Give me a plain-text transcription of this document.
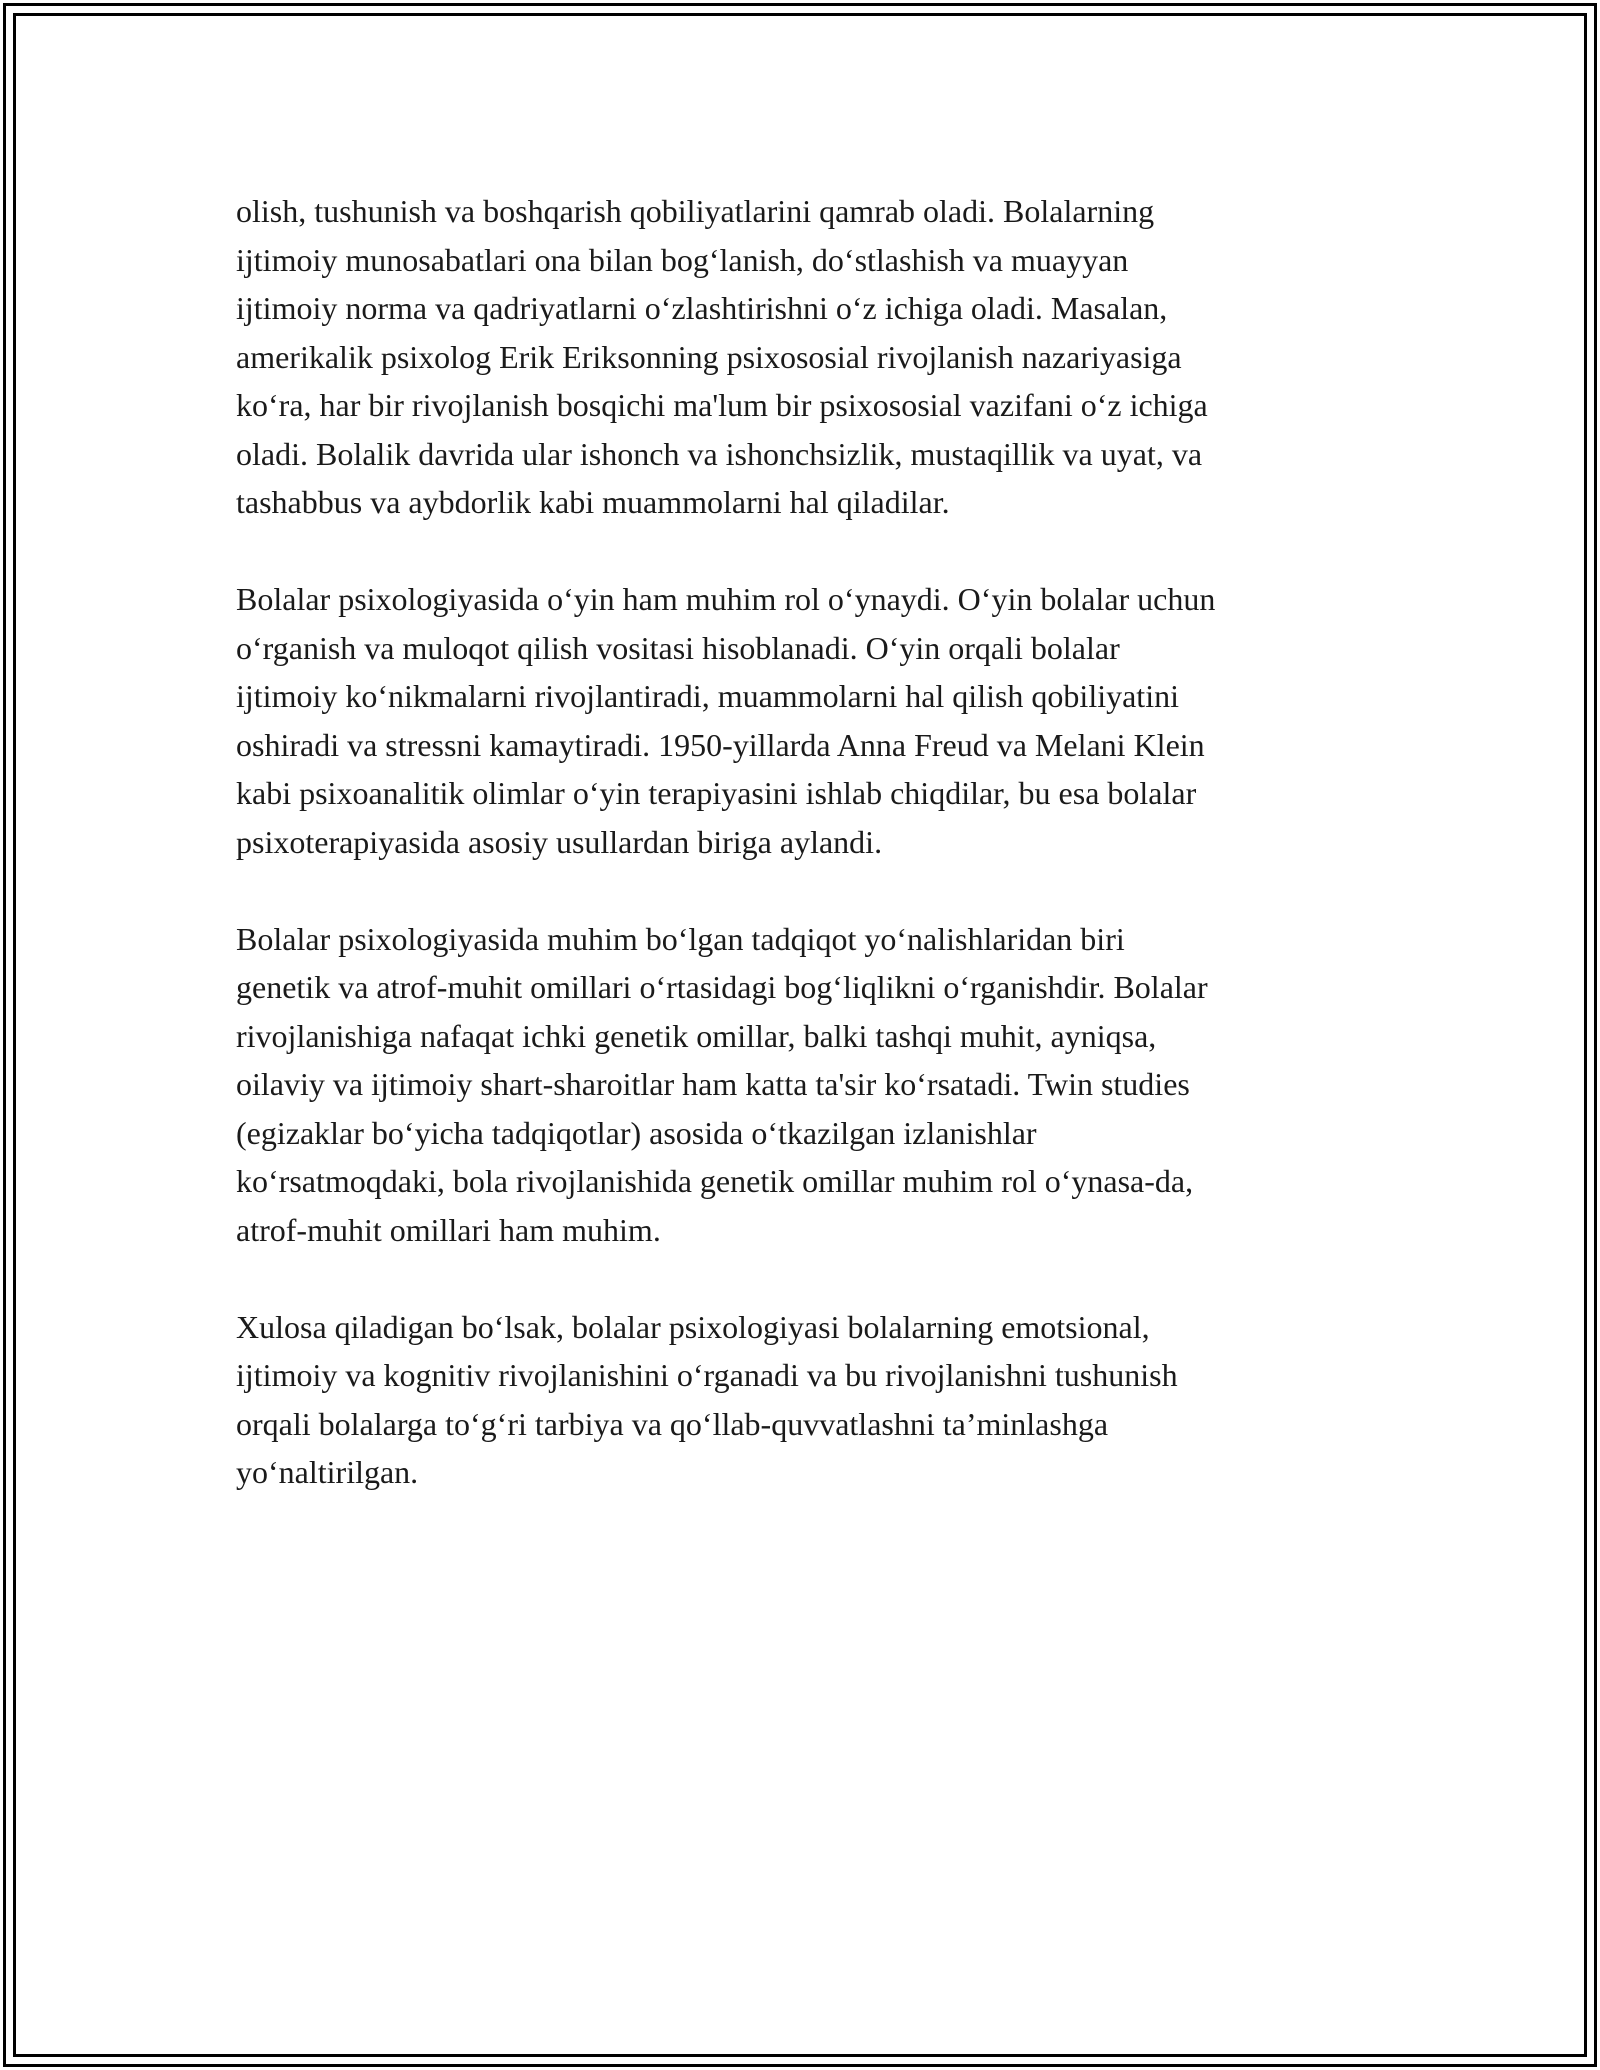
olish, tushunish va boshqarish qobiliyatlarini qamrab oladi. Bolalarning
ijtimoiy munosabatlari ona bilan bog‘lanish, do‘stlashish va muayyan
ijtimoiy norma va qadriyatlarni o‘zlashtirishni o‘z ichiga oladi. Masalan,
amerikalik psixolog Erik Eriksonning psixososial rivojlanish nazariyasiga
ko‘ra, har bir rivojlanish bosqichi ma'lum bir psixososial vazifani o‘z ichiga
oladi. Bolalik davrida ular ishonch va ishonchsizlik, mustaqillik va uyat, va
tashabbus va aybdorlik kabi muammolarni hal qiladilar.

Bolalar psixologiyasida o‘yin ham muhim rol o‘ynaydi. O‘yin bolalar uchun
o‘rganish va muloqot qilish vositasi hisoblanadi. O‘yin orqali bolalar
ijtimoiy ko‘nikmalarni rivojlantiradi, muammolarni hal qilish qobiliyatini
oshiradi va stressni kamaytiradi. 1950-yillarda Anna Freud va Melani Klein
kabi psixoanalitik olimlar o‘yin terapiyasini ishlab chiqdilar, bu esa bolalar
psixoterapiyasida asosiy usullardan biriga aylandi.

Bolalar psixologiyasida muhim bo‘lgan tadqiqot yo‘nalishlaridan biri
genetik va atrof-muhit omillari o‘rtasidagi bog‘liqlikni o‘rganishdir. Bolalar
rivojlanishiga nafaqat ichki genetik omillar, balki tashqi muhit, ayniqsa,
oilaviy va ijtimoiy shart-sharoitlar ham katta ta'sir ko‘rsatadi. Twin studies
(egizaklar bo‘yicha tadqiqotlar) asosida o‘tkazilgan izlanishlar
ko‘rsatmoqdaki, bola rivojlanishida genetik omillar muhim rol o‘ynasa-da,
atrof-muhit omillari ham muhim.

Xulosa qiladigan bo‘lsak, bolalar psixologiyasi bolalarning emotsional,
ijtimoiy va kognitiv rivojlanishini o‘rganadi va bu rivojlanishni tushunish
orqali bolalarga to‘g‘ri tarbiya va qo‘llab-quvvatlashni ta’minlashga
yo‘naltirilgan.
